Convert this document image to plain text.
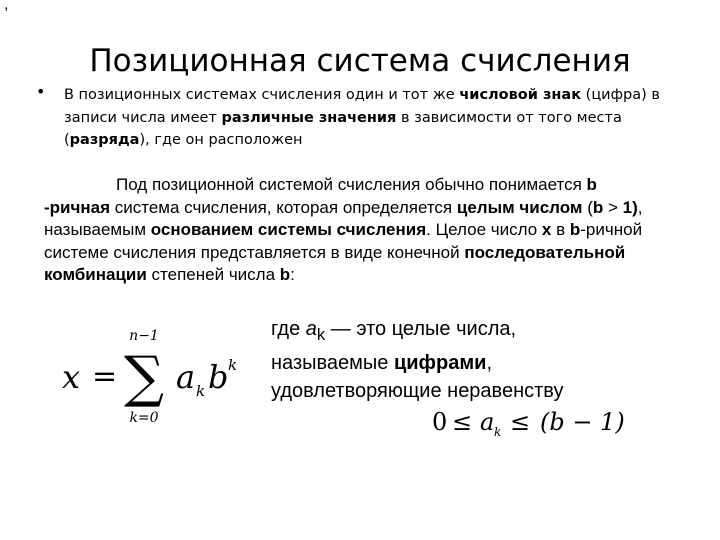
,
Позиционная система счисления
• В позиционных системах счисления один и тот же числовой знак (цифра) в записи числа имеет различные значения в зависимости от того места (разряда), где он расположен
Под позиционной системой счисления обычно понимается b
-ричная система счисления, которая определяется целым числом (b > 1), называемым основанием системы счисления. Целое число x в b-ричной системе счисления представляется в виде конечной последовательной комбинации степеней числа b:
x =
n−1
∑
k=0
a k b k
где $a_k$ — это целые числа, называемые цифрами, удовлетворяющие неравенству
0 ≤ a k ≤ (b − 1)
